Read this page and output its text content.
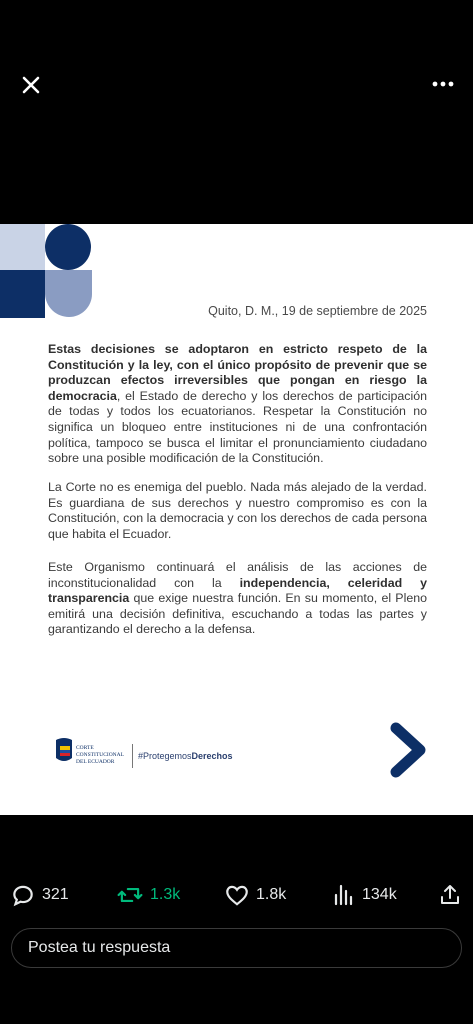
Quito, D. M., 19 de septiembre de 2025
Estas decisiones se adoptaron en estricto respeto de la Constitución y la ley, con el único propósito de prevenir que se produzcan efectos irreversibles que pongan en riesgo la democracia, el Estado de derecho y los derechos de participación de todas y todos los ecuatorianos. Respetar la Constitución no significa un bloqueo entre instituciones ni de una confrontación política, tampoco se busca el limitar el pronunciamiento ciudadano sobre una posible modificación de la Constitución.
La Corte no es enemiga del pueblo. Nada más alejado de la verdad. Es guardiana de sus derechos y nuestro compromiso es con la Constitución, con la democracia y con los derechos de cada persona que habita el Ecuador.
Este Organismo continuará el análisis de las acciones de inconstitucionalidad con la independencia, celeridad y transparencia que exige nuestra función. En su momento, el Pleno emitirá una decisión definitiva, escuchando a todas las partes y garantizando el derecho a la defensa.
CORTE
CONSTITUCIONAL
DEL ECUADOR
#ProtegemosDerechos
321	1.3k	1.8k	134k
Postea tu respuesta
